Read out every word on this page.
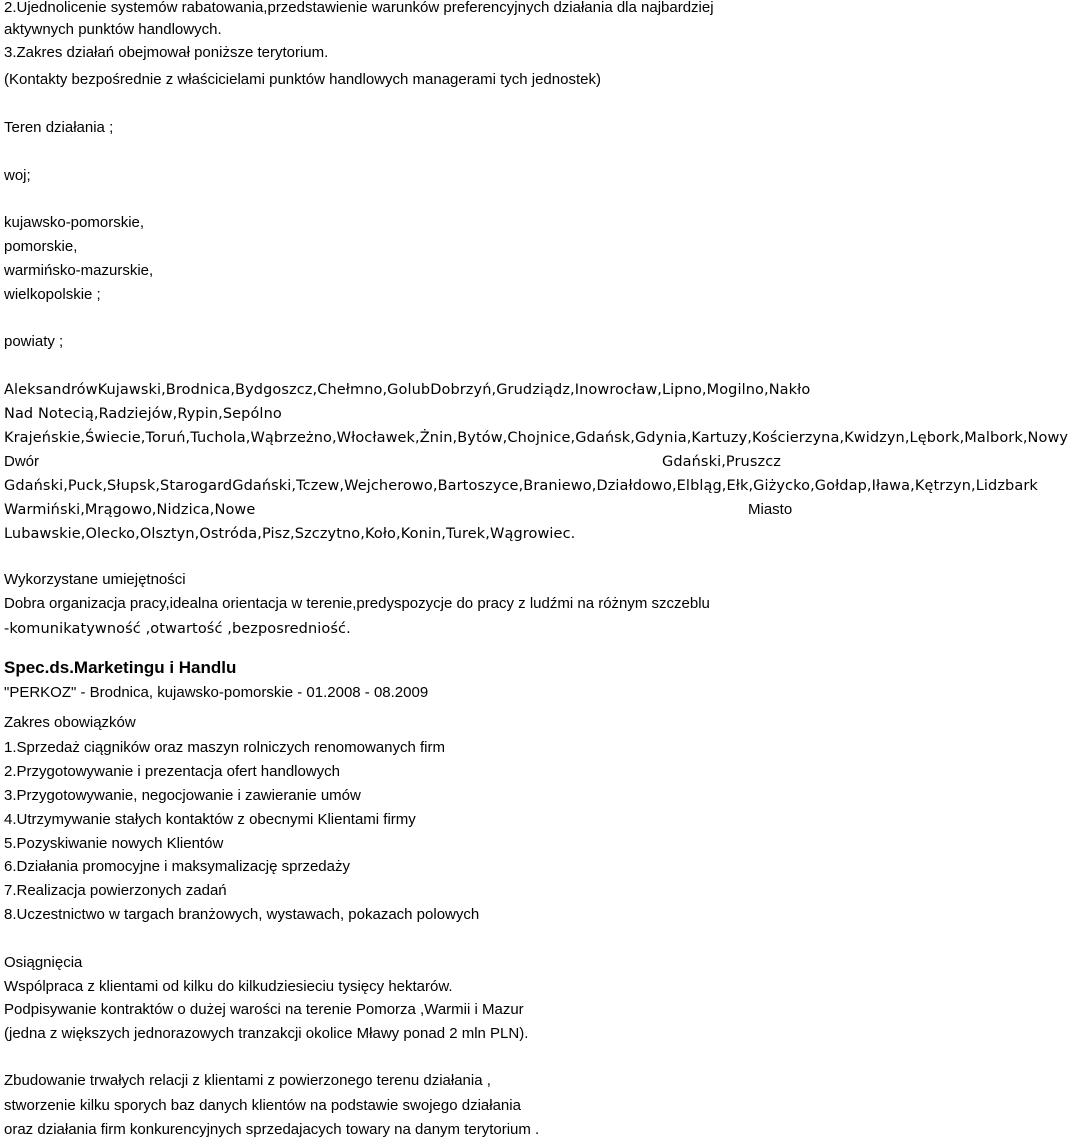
2.Ujednolicenie systemów rabatowania,przedstawienie warunków preferencyjnych działania dla najbardziej
aktywnych punktów handlowych.
3.Zakres działań obejmował poniższe terytorium.
(Kontakty bezpośrednie z właścicielami punktów handlowych managerami tych jednostek)
Teren działania ;
woj;
kujawsko-pomorskie,
pomorskie,
warmińsko-mazurskie,
wielkopolskie ;
powiaty ;
AleksandrówKujawski,Brodnica,Bydgoszcz,Chełmno,GolubDobrzyń,Grudziądz,Inowrocław,Lipno,Mogilno,Nakło
Nad Notecią,Radziejów,Rypin,Sepólno
Krajeńskie,Świecie,Toruń,Tuchola,Wąbrzeżno,Włocławek,Żnin,Bytów,Chojnice,Gdańsk,Gdynia,Kartuzy,Kościerzyna,Kwidzyn,Lębork,Malbork,Nowy
Dwór	Gdański,Pruszcz
Gdański,Puck,Słupsk,StarogardGdański,Tczew,Wejcherowo,Bartoszyce,Braniewo,Działdowo,Elbląg,Ełk,Giżycko,Gołdap,Iława,Kętrzyn,Lidzbark
Warmiński,Mrągowo,Nidzica,Nowe	Miasto
Lubawskie,Olecko,Olsztyn,Ostróda,Pisz,Szczytno,Koło,Konin,Turek,Wągrowiec.
Wykorzystane umiejętności
Dobra organizacja pracy,idealna orientacja w terenie,predyspozycje do pracy z ludźmi na różnym szczeblu
-komunikatywność ,otwartość ,bezposredniość.
Spec.ds.Marketingu i Handlu
"PERKOZ" - Brodnica, kujawsko-pomorskie - 01.2008 - 08.2009
Zakres obowiązków
1.Sprzedaż ciągników oraz maszyn rolniczych renomowanych firm
2.Przygotowywanie i prezentacja ofert handlowych
3.Przygotowywanie, negocjowanie i zawieranie umów
4.Utrzymywanie stałych kontaktów z obecnymi Klientami firmy
5.Pozyskiwanie nowych Klientów
6.Działania promocyjne i maksymalizację sprzedaży
7.Realizacja powierzonych zadań
8.Uczestnictwo w targach branżowych, wystawach, pokazach polowych
Osiągnięcia
Wspólpraca z klientami od kilku do kilkudziesieciu tysięcy hektarów.
Podpisywanie kontraktów o dużej waroścі na terenie Pomorza ,Warmii i Mazur
(jedna z większych jednorazowych tranzakcji okolice Mławy ponad 2 mln PLN).
Zbudowanie trwałych relacji z klientami z powierzonego terenu działania ,
stworzenie kilku sporych baz danych klientów na podstawie swojego działania
oraz działania firm konkurencyjnych sprzedajacych towary na danym terytorium .
